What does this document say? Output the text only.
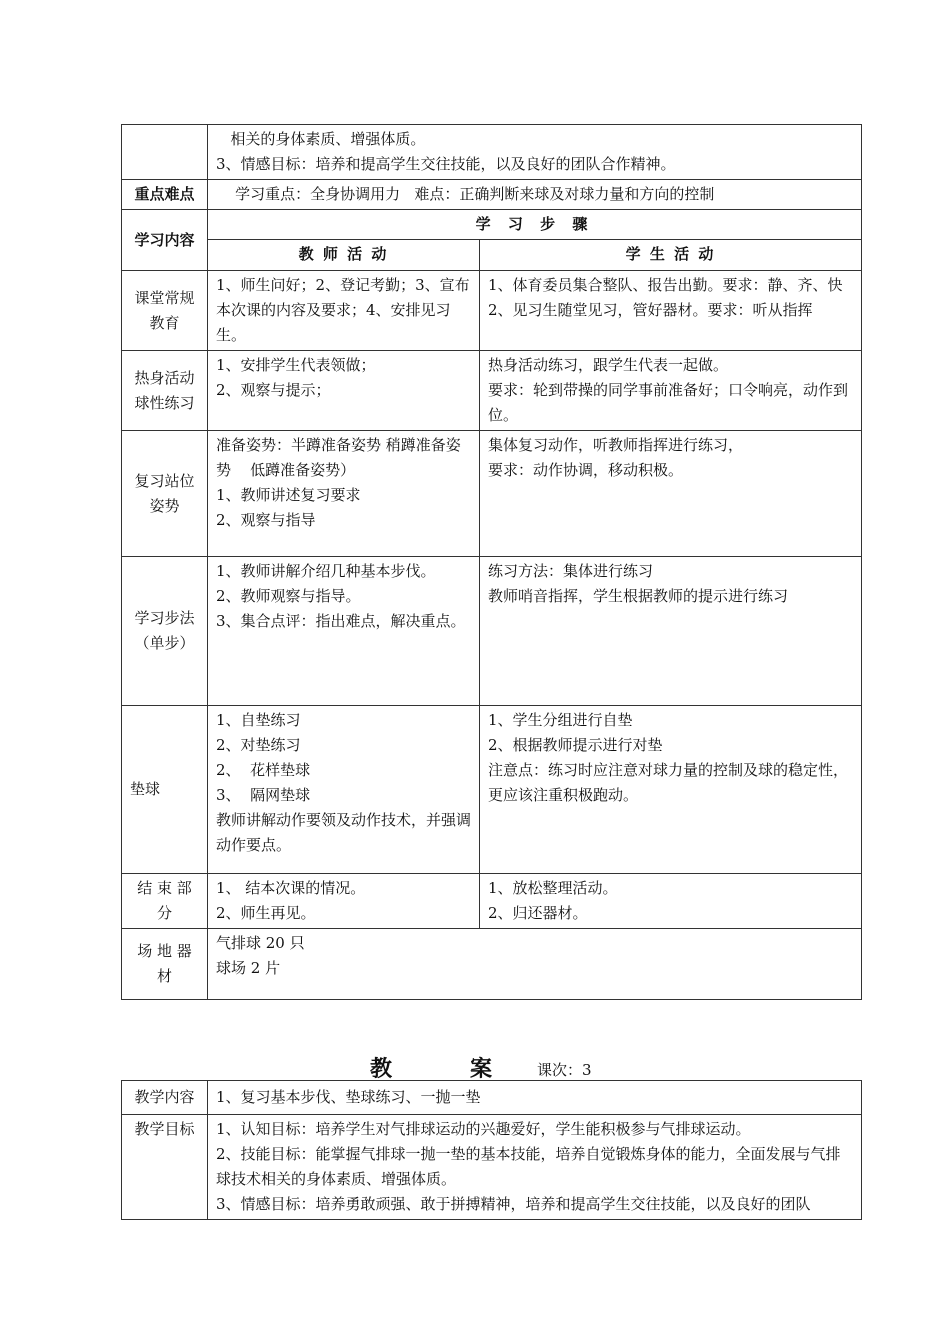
	相关的身体素质、增强体质。
3、情感目标：培养和提高学生交往技能，以及良好的团队合作精神。	

重点难点	学习重点：全身协调用力   难点：正确判断来球及对球力量和方向的控制	
学习内容	学 习 步 骤	
	教 师 活 动	学 生 活 动
课堂常规教育	1、师生问好；2、登记考勤；3、宣布本次课的内容及要求；4、安排见习生。	1、体育委员集合整队、报告出勤。要求：静、齐、快
2、见习生随堂见习，管好器材。要求：听从指挥

热身活动球性练习	1、安排学生代表领做；
2、观察与提示；	热身活动练习，跟学生代表一起做。
要求：轮到带操的同学事前准备好；口令响亮，动作到位。

复习站位姿势	准备姿势：半蹲准备姿势 稍蹲准备姿势    低蹲准备姿势）
1、教师讲述复习要求
2、观察与指导	集体复习动作，听教师指挥进行练习，
要求：动作协调，移动积极。

学习步法（单步）	1、教师讲解介绍几种基本步伐。
2、教师观察与指导。
3、集合点评：指出难点，解决重点。	练习方法：集体进行练习
教师哨音指挥，学生根据教师的提示进行练习

垫球	1、自垫练习
2、对垫练习
2、  花样垫球
3、  隔网垫球
教师讲解动作要领及动作技术，并强调动作要点。	1、学生分组进行自垫
2、根据教师提示进行对垫
注意点：练习时应注意对球力量的控制及球的稳定性，更应该注重积极跑动。

结 束 部 分	1、 结本次课的情况。
2、师生再见。	1、放松整理活动。
2、归还器材。

场 地 器 材	气排球 20 只
球场 2 片	
教	案	课次：3
教学内容	1、复习基本步伐、垫球练习、一抛一垫
教学目标	1、认知目标：培养学生对气排球运动的兴趣爱好，学生能积极参与气排球运动。
2、技能目标：能掌握气排球一抛一垫的基本技能，培养自觉锻炼身体的能力，全面发展与气排球技术相关的身体素质、增强体质。
3、情感目标：培养勇敢顽强、敢于拼搏精神，培养和提高学生交往技能，以及良好的团队
